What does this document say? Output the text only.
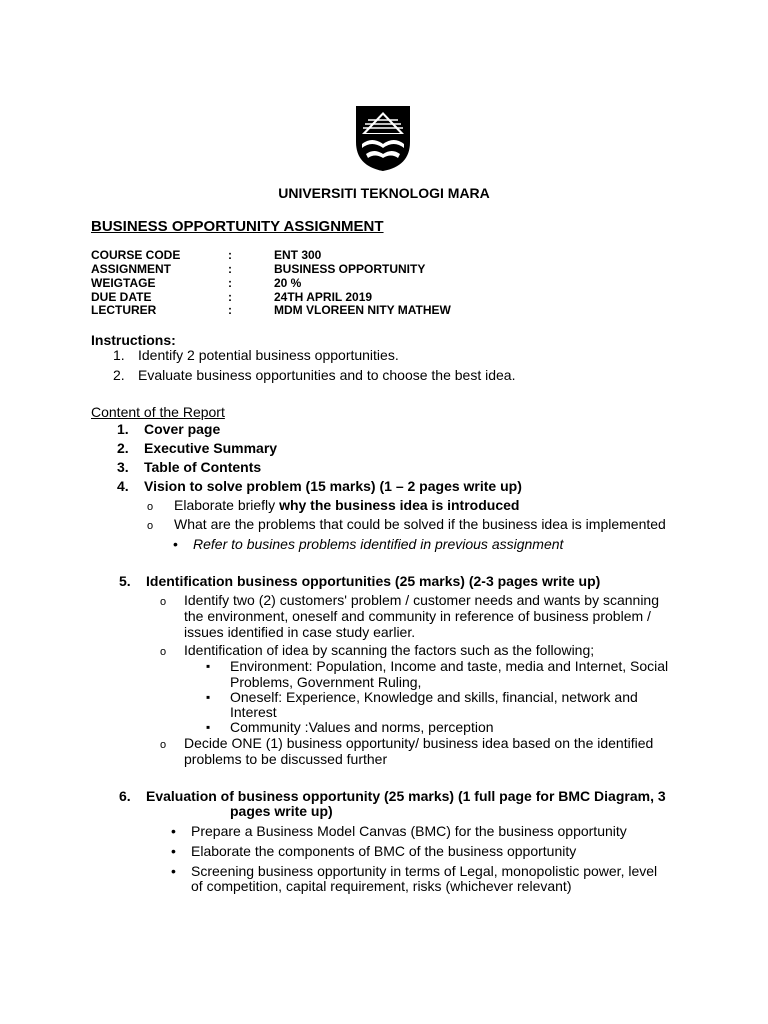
UNIVERSITI TEKNOLOGI MARA
BUSINESS OPPORTUNITY ASSIGNMENT
COURSE CODE	:	ENT 300
ASSIGNMENT	:	BUSINESS OPPORTUNITY
WEIGTAGE	:	20 %
DUE DATE	:	24TH APRIL 2019
LECTURER	:	MDM VLOREEN NITY MATHEW
Instructions:
1. Identify 2 potential business opportunities.
2. Evaluate business opportunities and to choose the best idea.
Content of the Report
1. Cover page
2. Executive Summary
3. Table of Contents
4. Vision to solve problem (15 marks) (1 – 2 pages write up)
o Elaborate briefly why the business idea is introduced
o What are the problems that could be solved if the business idea is implemented
• Refer to busines problems identified in previous assignment
5. Identification business opportunities (25 marks) (2-3 pages write up)
o Identify two (2) customers' problem / customer needs and wants by scanning
the environment, oneself and community in reference of business problem /
issues identified in case study earlier.
o Identification of idea by scanning the factors such as the following;
▪ Environment: Population, Income and taste, media and Internet, Social
Problems, Government Ruling,
▪ Oneself: Experience, Knowledge and skills, financial, network and
Interest
▪ Community :Values and norms, perception
o Decide ONE (1) business opportunity/ business idea based on the identified
problems to be discussed further
6. Evaluation of business opportunity (25 marks) (1 full page for BMC Diagram, 3
pages write up)
• Prepare a Business Model Canvas (BMC) for the business opportunity
• Elaborate the components of BMC of the business opportunity
• Screening business opportunity in terms of Legal, monopolistic power, level
of competition, capital requirement, risks (whichever relevant)
